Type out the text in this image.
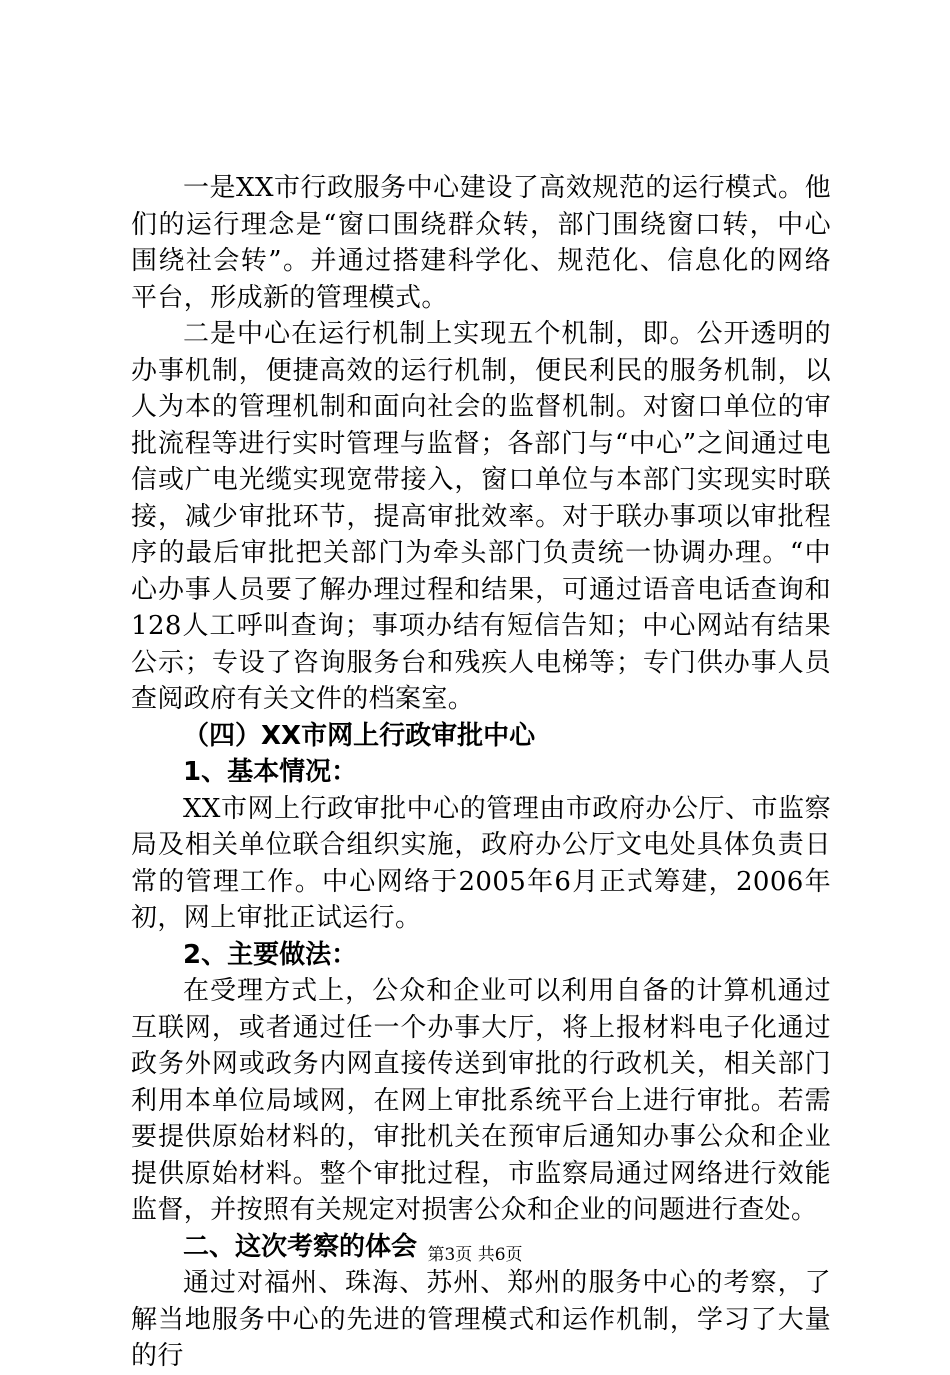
一是XX市行政服务中心建设了高效规范的运行模式。他们的运行理念是“窗口围绕群众转，部门围绕窗口转，中心围绕社会转”。并通过搭建科学化、规范化、信息化的网络平台，形成新的管理模式。

二是中心在运行机制上实现五个机制，即。公开透明的办事机制，便捷高效的运行机制，便民利民的服务机制，以人为本的管理机制和面向社会的监督机制。对窗口单位的审批流程等进行实时管理与监督；各部门与“中心”之间通过电信或广电光缆实现宽带接入，窗口单位与本部门实现实时联接，减少审批环节，提高审批效率。对于联办事项以审批程序的最后审批把关部门为牵头部门负责统一协调办理。“中心办事人员要了解办理过程和结果，可通过语音电话查询和128人工呼叫查询；事项办结有短信告知；中心网站有结果公示；专设了咨询服务台和残疾人电梯等；专门供办事人员查阅政府有关文件的档案室。

（四）XX市网上行政审批中心

1、基本情况：

XX市网上行政审批中心的管理由市政府办公厅、市监察局及相关单位联合组织实施，政府办公厅文电处具体负责日常的管理工作。中心网络于2005年6月正式筹建，2006年初，网上审批正试运行。

2、主要做法：

在受理方式上，公众和企业可以利用自备的计算机通过互联网，或者通过任一个办事大厅，将上报材料电子化通过政务外网或政务内网直接传送到审批的行政机关，相关部门利用本单位局域网，在网上审批系统平台上进行审批。若需要提供原始材料的，审批机关在预审后通知办事公众和企业提供原始材料。整个审批过程，市监察局通过网络进行效能监督，并按照有关规定对损害公众和企业的问题进行查处。

二、这次考察的体会

通过对福州、珠海、苏州、郑州的服务中心的考察，了解当地服务中心的先进的管理模式和运作机制，学习了大量的行

第3页 共6页
